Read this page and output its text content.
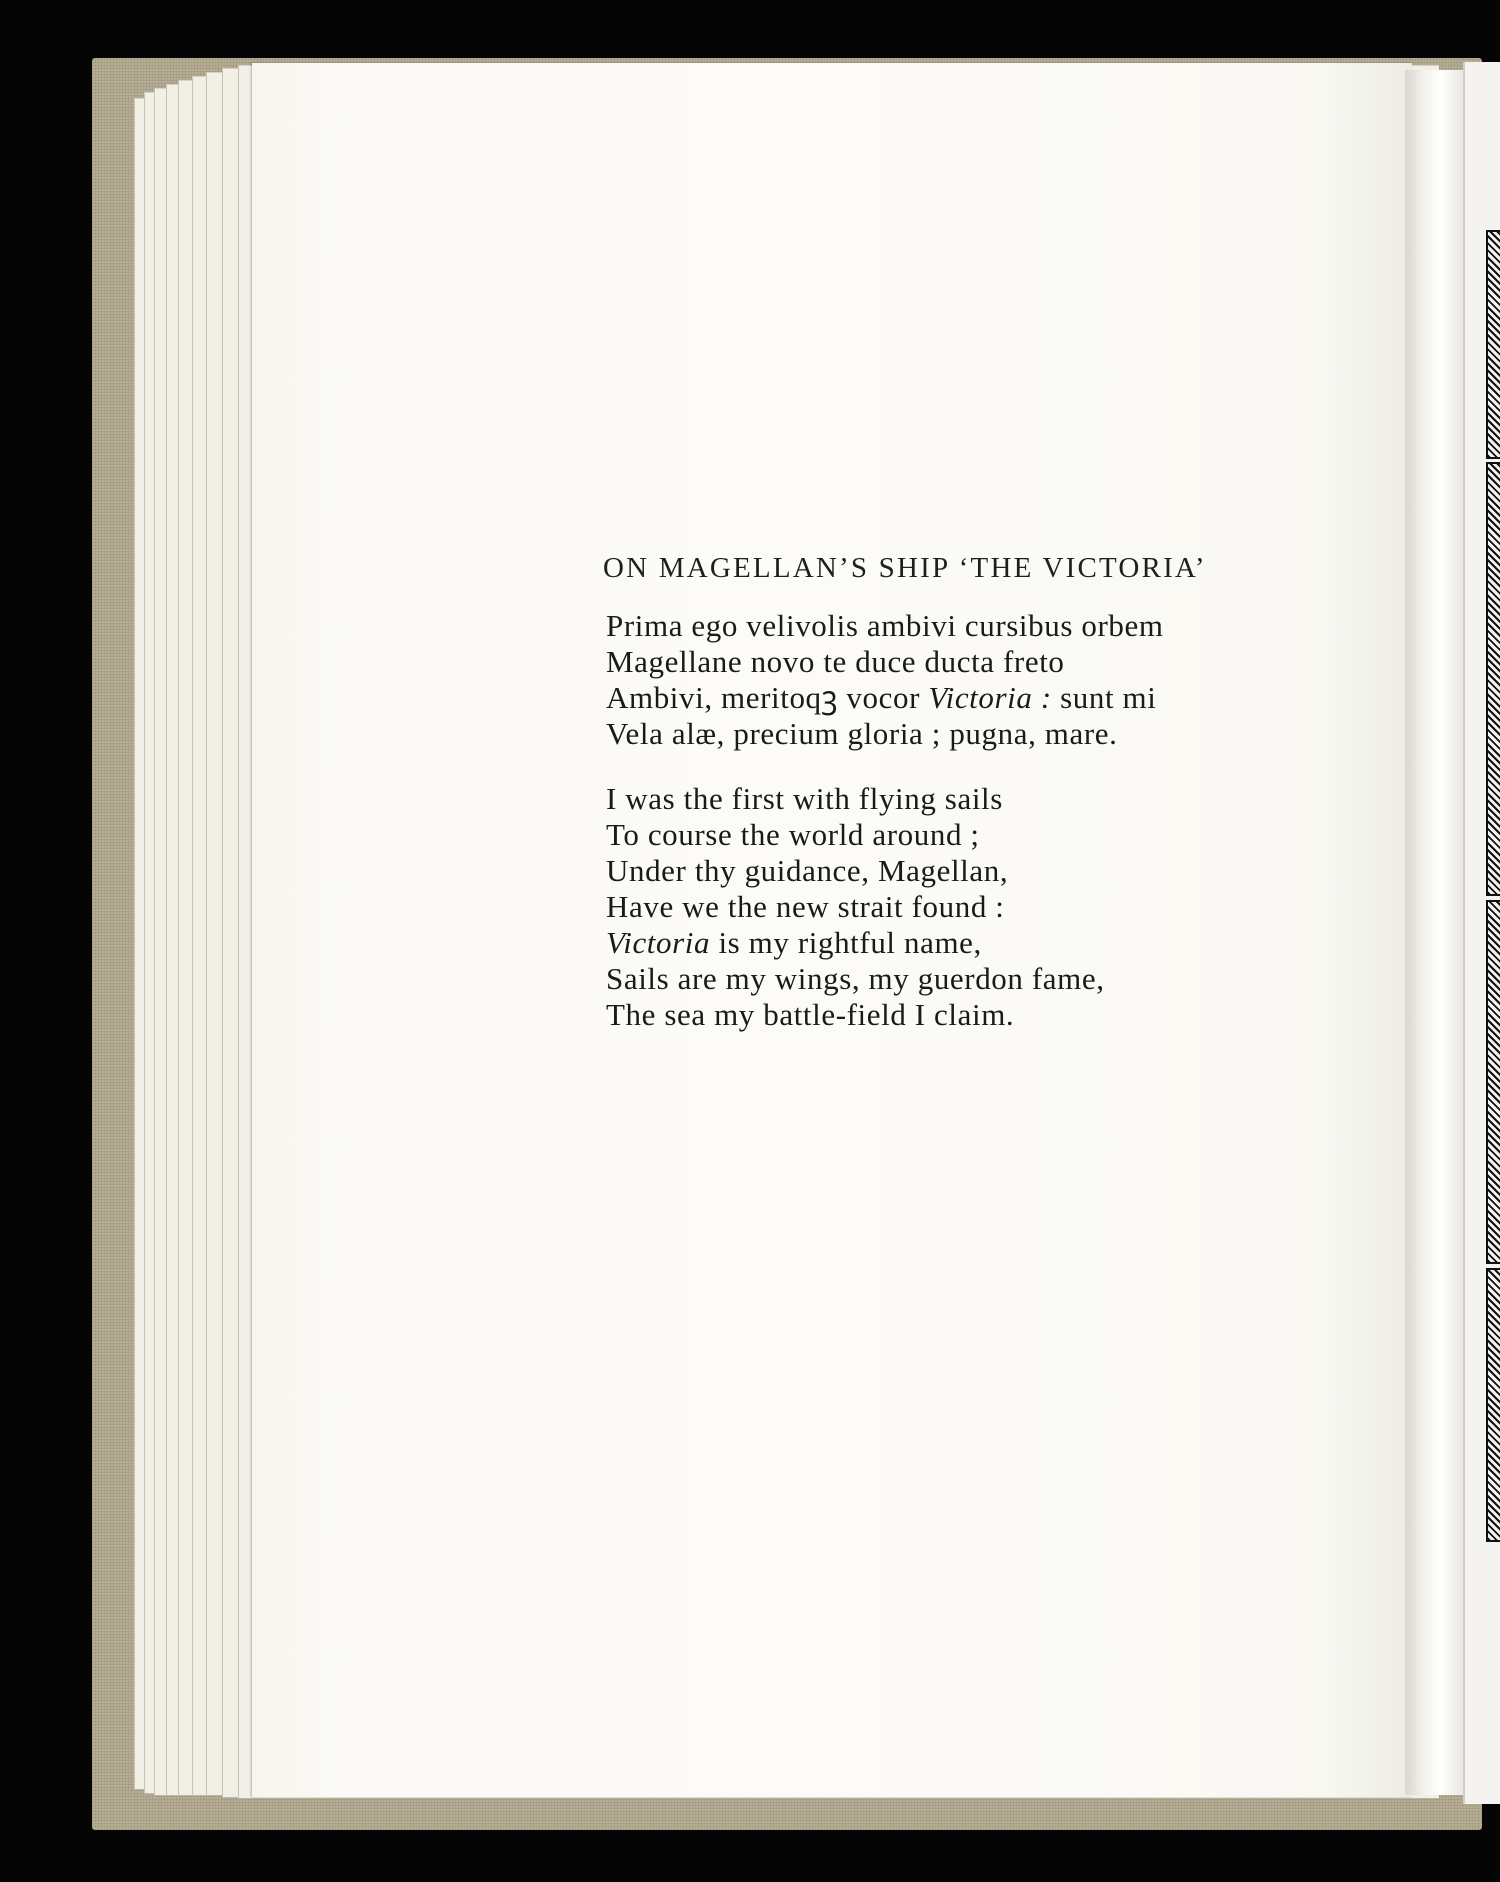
ON MAGELLAN’S SHIP ‘THE VICTORIA’
Prima ego velivolis ambivi cursibus orbem
Magellane novo te duce ducta freto
Ambivi, meritoqꝫ vocor Victoria : sunt mi
Vela alæ, precium gloria ; pugna, mare.
I was the first with flying sails
To course the world around ;
Under thy guidance, Magellan,
Have we the new strait found :
Victoria is my rightful name,
Sails are my wings, my guerdon fame,
The sea my battle-field I claim.
